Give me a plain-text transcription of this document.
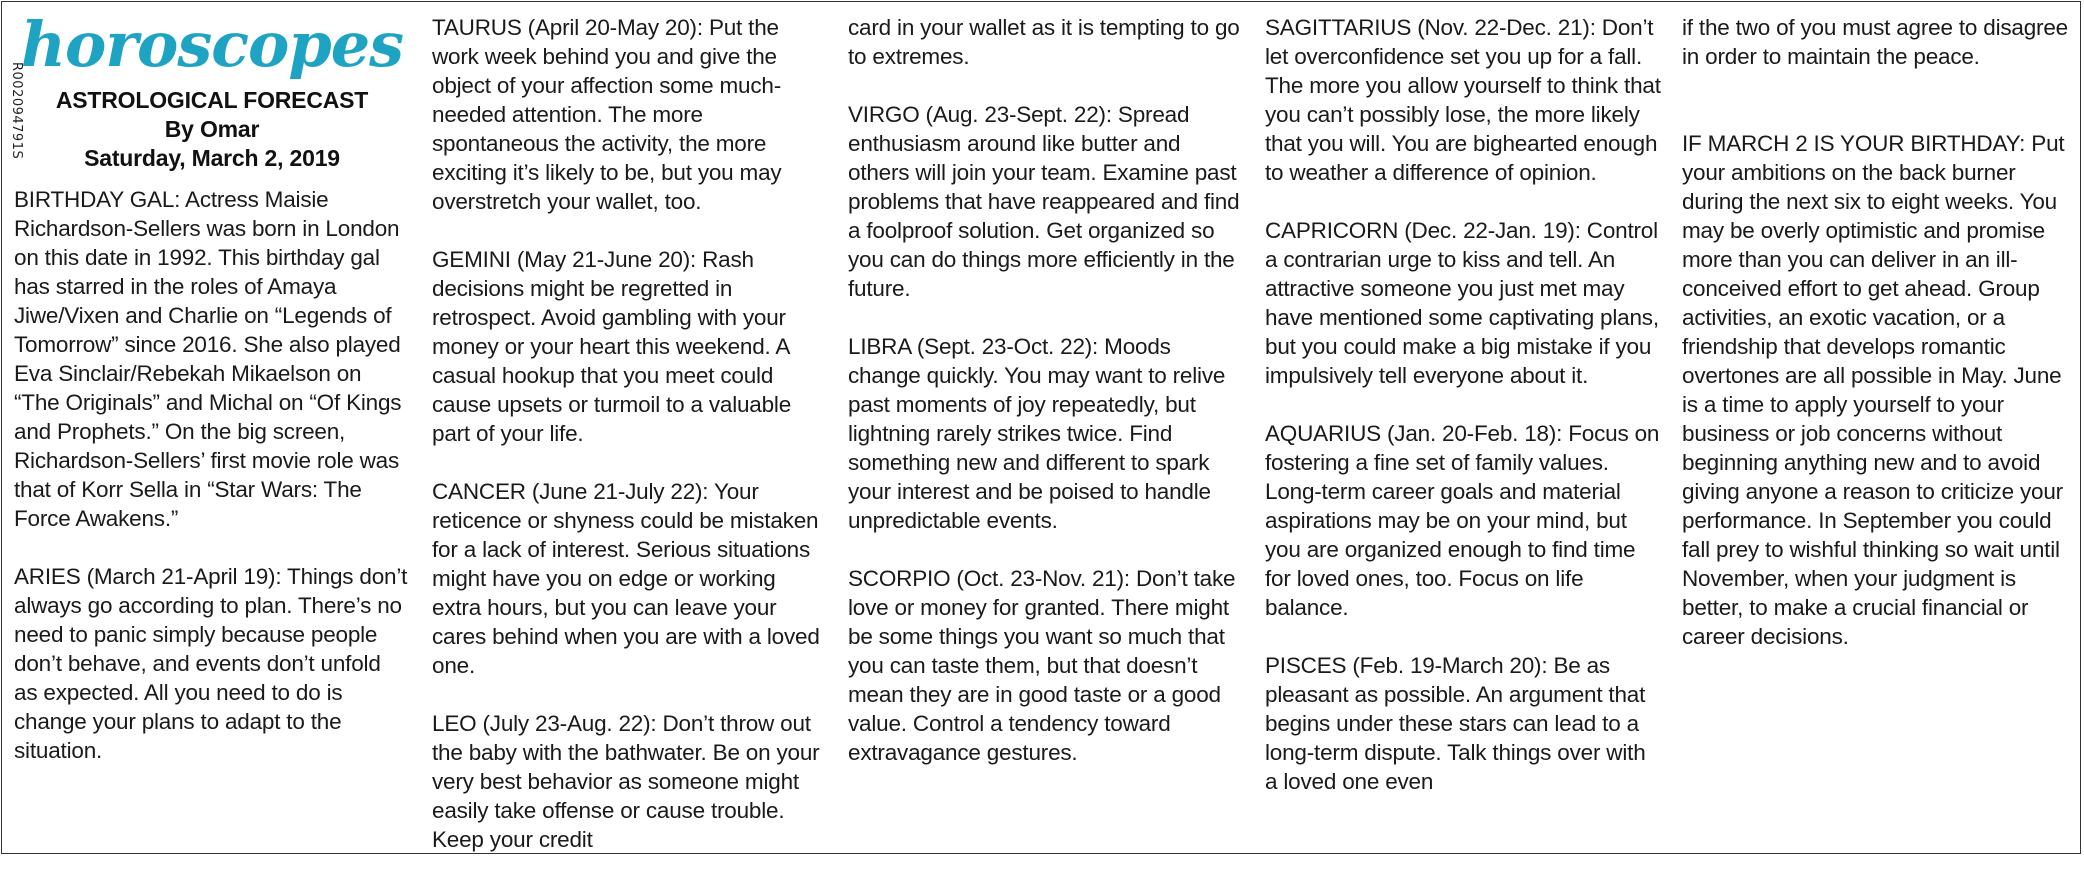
R002094791S
horoscopes
ASTROLOGICAL FORECAST
By Omar
Saturday, March 2, 2019

BIRTHDAY GAL: Actress Maisie Richardson-Sellers was born in London on this date in 1992. This birthday gal has starred in the roles of Amaya Jiwe/Vixen and Charlie on “Legends of Tomorrow” since 2016. She also played Eva Sinclair/Rebekah Mikaelson on “The Originals” and Michal on “Of Kings and Prophets.” On the big screen, Richardson-Sellers’ first movie role was that of Korr Sella in “Star Wars: The Force Awakens.”

ARIES (March 21-April 19): Things don’t always go according to plan. There’s no need to panic simply because people don’t behave, and events don’t unfold as expected. All you need to do is change your plans to adapt to the situation.

TAURUS (April 20-May 20): Put the work week behind you and give the object of your affection some much-needed attention. The more spontaneous the activity, the more exciting it’s likely to be, but you may overstretch your wallet, too.

GEMINI (May 21-June 20): Rash decisions might be regretted in retrospect. Avoid gambling with your money or your heart this weekend. A casual hookup that you meet could cause upsets or turmoil to a valuable part of your life.

CANCER (June 21-July 22): Your reticence or shyness could be mistaken for a lack of interest. Serious situations might have you on edge or working extra hours, but you can leave your cares behind when you are with a loved one.

LEO (July 23-Aug. 22): Don’t throw out the baby with the bathwater. Be on your very best behavior as someone might easily take offense or cause trouble. Keep your credit

card in your wallet as it is tempting to go to extremes.

VIRGO (Aug. 23-Sept. 22): Spread enthusiasm around like butter and others will join your team. Examine past problems that have reappeared and find a foolproof solution. Get organized so you can do things more efficiently in the future.

LIBRA (Sept. 23-Oct. 22): Moods change quickly. You may want to relive past moments of joy repeatedly, but lightning rarely strikes twice. Find something new and different to spark your interest and be poised to handle unpredictable events.

SCORPIO (Oct. 23-Nov. 21): Don’t take love or money for granted. There might be some things you want so much that you can taste them, but that doesn’t mean they are in good taste or a good value. Control a tendency toward extravagance gestures.

SAGITTARIUS (Nov. 22-Dec. 21): Don’t let overconfidence set you up for a fall. The more you allow yourself to think that you can’t possibly lose, the more likely that you will. You are bighearted enough to weather a difference of opinion.

CAPRICORN (Dec. 22-Jan. 19): Control a contrarian urge to kiss and tell. An attractive someone you just met may have mentioned some captivating plans, but you could make a big mistake if you impulsively tell everyone about it.

AQUARIUS (Jan. 20-Feb. 18): Focus on fostering a fine set of family values. Long-term career goals and material aspirations may be on your mind, but you are organized enough to find time for loved ones, too. Focus on life balance.

PISCES (Feb. 19-March 20): Be as pleasant as possible. An argument that begins under these stars can lead to a long-term dispute. Talk things over with a loved one even

if the two of you must agree to disagree in order to maintain the peace.

IF MARCH 2 IS YOUR BIRTHDAY: Put your ambitions on the back burner during the next six to eight weeks. You may be overly optimistic and promise more than you can deliver in an ill-conceived effort to get ahead. Group activities, an exotic vacation, or a friendship that develops romantic overtones are all possible in May. June is a time to apply yourself to your business or job concerns without beginning anything new and to avoid giving anyone a reason to criticize your performance. In September you could fall prey to wishful thinking so wait until November, when your judgment is better, to make a crucial financial or career decisions.
